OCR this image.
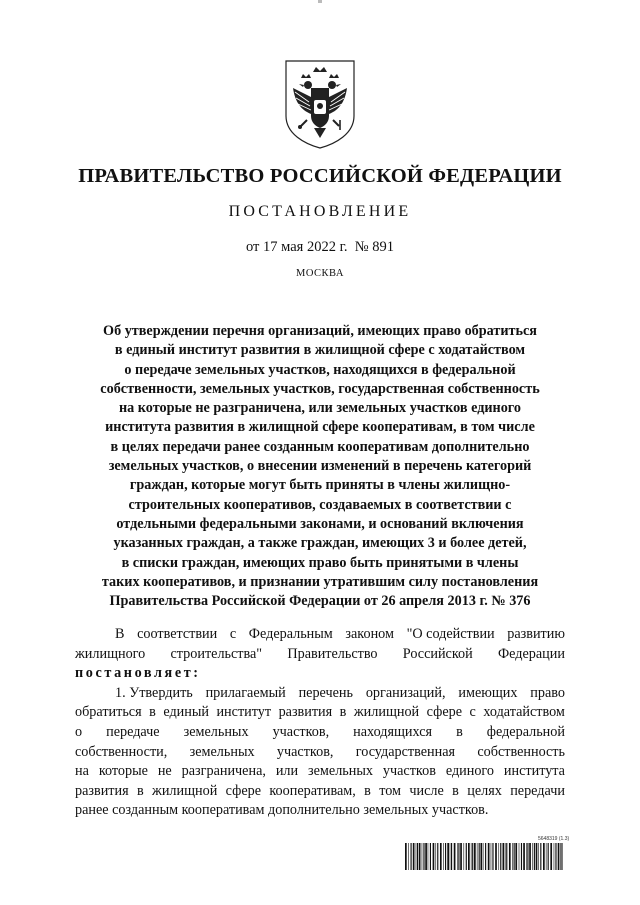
ПРАВИТЕЛЬСТВО РОССИЙСКОЙ ФЕДЕРАЦИИ
ПОСТАНОВЛЕНИЕ
от 17 мая 2022 г. № 891
МОСКВА
Об утверждении перечня организаций, имеющих право обратиться
в единый институт развития в жилищной сфере с ходатайством
о передаче земельных участков, находящихся в федеральной
собственности, земельных участков, государственная собственность
на которые не разграничена, или земельных участков единого
института развития в жилищной сфере кооперативам, в том числе
в целях передачи ранее созданным кооперативам дополнительно
земельных участков, о внесении изменений в перечень категорий
граждан, которые могут быть приняты в члены жилищно-
строительных кооперативов, создаваемых в соответствии с
отдельными федеральными законами, и оснований включения
указанных граждан, а также граждан, имеющих 3 и более детей,
в списки граждан, имеющих право быть принятыми в члены
таких кооперативов, и признании утратившим силу постановления
Правительства Российской Федерации от 26 апреля 2013 г. № 376
В соответствии с Федеральным законом "О содействии развитию
жилищного строительства" Правительство Российской Федерации
постановляет:
1. Утвердить прилагаемый перечень организаций, имеющих право
обратиться в единый институт развития в жилищной сфере с ходатайством
о передаче земельных участков, находящихся в федеральной
собственности, земельных участков, государственная собственность
на которые не разграничена, или земельных участков единого института
развития в жилищной сфере кооперативам, в том числе в целях передачи
ранее созданным кооперативам дополнительно земельных участков.
5648319 (1.3)
